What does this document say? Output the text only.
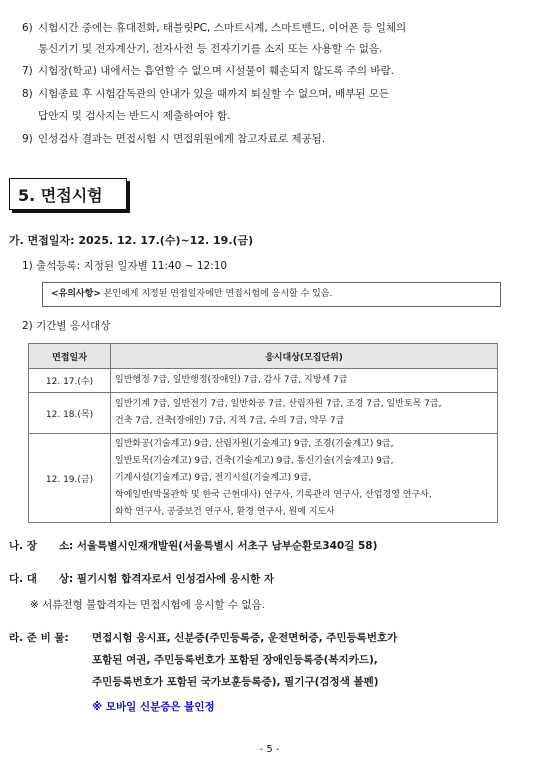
6) 시험시간 중에는 휴대전화, 태블릿PC, 스마트시계, 스마트밴드, 이어폰 등 일체의
통신기기 및 전자계산기, 전자사전 등 전자기기를 소지 또는 사용할 수 없음.
7) 시험장(학교) 내에서는 흡연할 수 없으며 시설물이 훼손되지 않도록 주의 바람.
8) 시험종료 후 시험감독관의 안내가 있을 때까지 퇴실할 수 없으며, 배부된 모든
답안지 및 검사지는 반드시 제출하여야 함.
9) 인성검사 결과는 면접시험 시 면접위원에게 참고자료로 제공됨.
5. 면접시험
가. 면접일자: 2025. 12. 17.(수)~12. 19.(금)
1) 출석등록: 지정된 일자별 11:40 ~ 12:10
<유의사항> 본인에게 지정된 면접일자에만 면접시험에 응시할 수 있음.
2) 기간별 응시대상
면접일자	응시대상(모집단위)
12. 17.(수)	일반행정 7급, 일반행정(장애인) 7급, 감사 7급, 지방세 7급

12. 18.(목)	일반기계 7급, 일반전기 7급, 일반화공 7급, 산림자원 7급, 조경 7급, 일반토목 7급,
건축 7급, 건축(장애인) 7급, 지적 7급, 수의 7급, 약무 7급

12. 19.(금)	일반화공(기술계고) 9급, 산림자원(기술계고) 9급, 조경(기술계고) 9급,
일반토목(기술계고) 9급, 건축(기술계고) 9급, 통신기술(기술계고) 9급,
기계시설(기술계고) 9급, 전기시설(기술계고) 9급,
학예일반(박물관학 및 한국 근현대사) 연구사, 기록관리 연구사, 산업경영 연구사,
화학 연구사, 공중보건 연구사, 환경 연구사, 원예 지도사
나. 장      소: 서울특별시인재개발원(서울특별시 서초구 남부순환로340길 58)
다. 대      상: 필기시험 합격자로서 인성검사에 응시한 자
※ 서류전형 불합격자는 면접시험에 응시할 수 없음.
라. 준 비 물: 면접시험 응시표, 신분증(주민등록증, 운전면허증, 주민등록번호가
포함된 여권, 주민등록번호가 포함된 장애인등록증(복지카드),
주민등록번호가 포함된 국가보훈등록증), 필기구(검정색 볼펜)
※ 모바일 신분증은 불인정
- 5 -
